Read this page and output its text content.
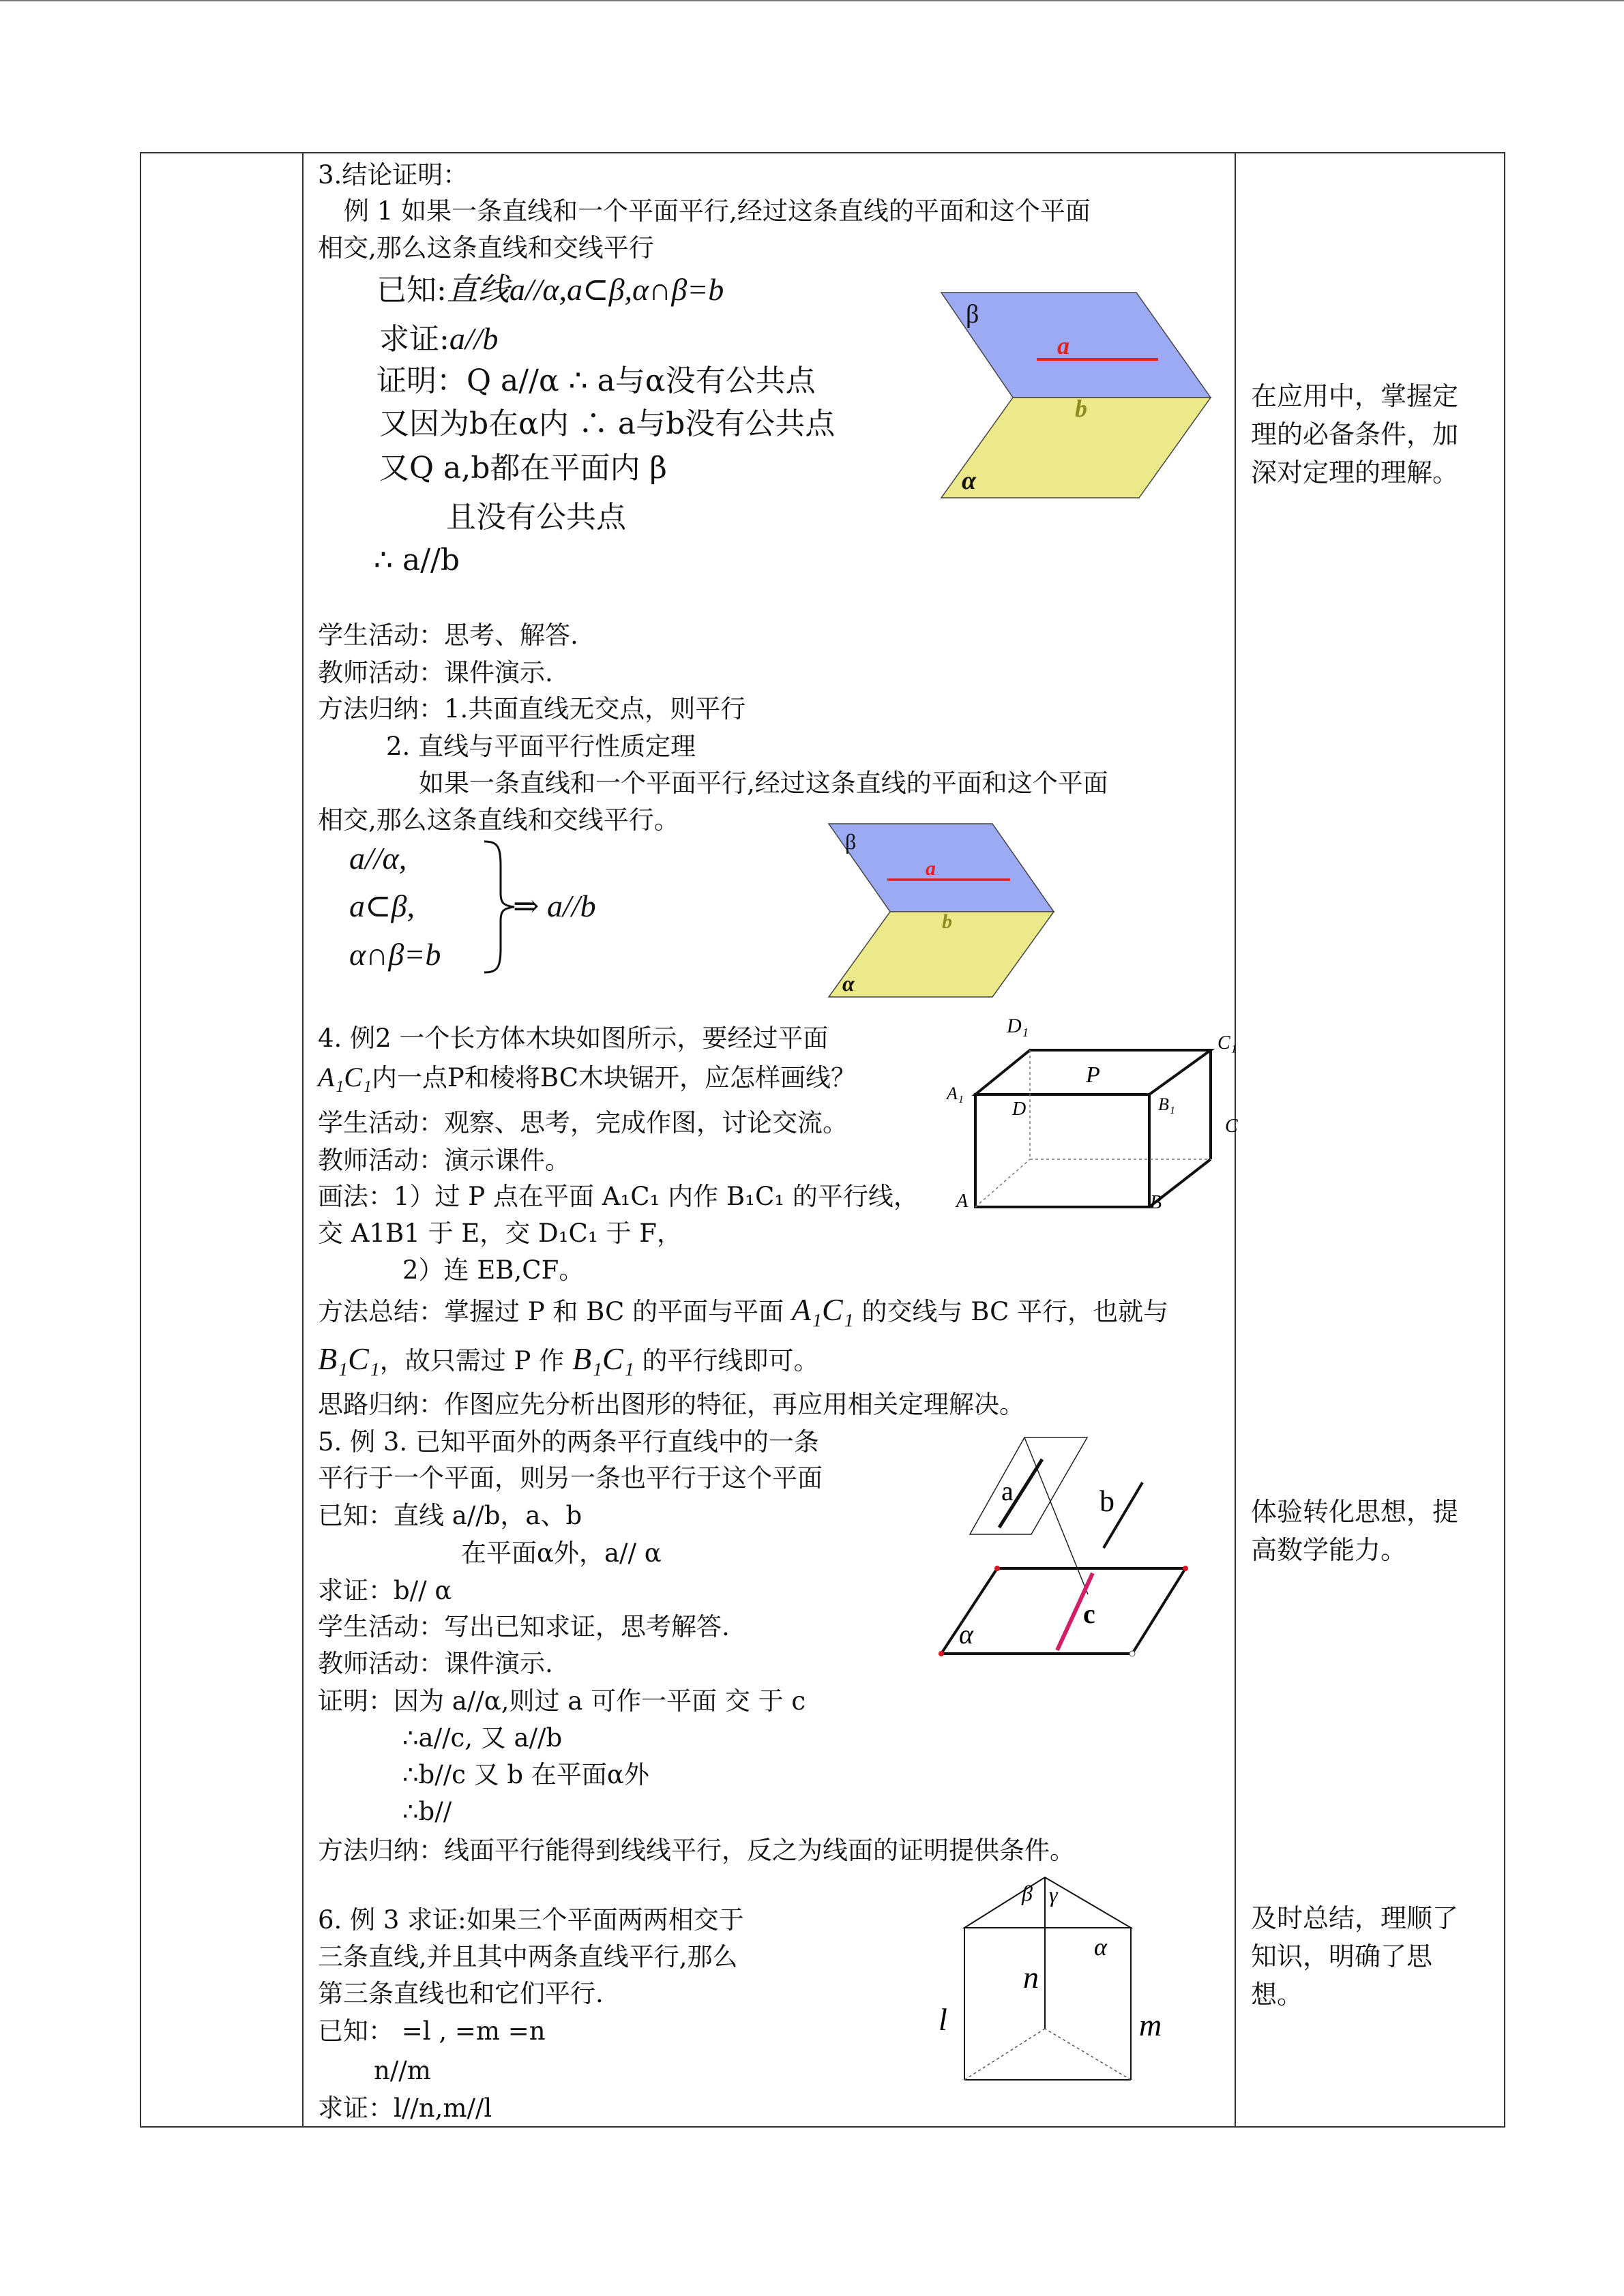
3.结论证明：
例 1 如果一条直线和一个平面平行,经过这条直线的平面和这个平面
相交,那么这条直线和交线平行
已知:直线a//α,a⊂β,α∩β=b
求证:a//b
证明：Q a//α ∴ a与α没有公共点
又因为b在α内 ∴ a与b没有公共点
又Q a,b都在平面内 β
且没有公共点
∴ a//b
β
a
b
α
学生活动：思考、解答.
教师活动：课件演示.
方法归纳：1.共面直线无交点，则平行
2. 直线与平面平行性质定理
如果一条直线和一个平面平行,经过这条直线的平面和这个平面
相交,那么这条直线和交线平行。
a//α,
a⊂β,
α∩β=b
⇒ a//b
β
a
b
α
4. 例2 一个长方体木块如图所示，要经过平面
A₁C₁内一点P和棱将BC木块锯开，应怎样画线？
学生活动：观察、思考，完成作图，讨论交流。
教师活动：演示课件。
画法：1）过 P 点在平面 A₁C₁ 内作 B₁C₁ 的平行线，
交 A1B1 于 E，交 D₁C₁ 于 F，
2）连 EB,CF。
方法总结：掌握过 P 和 BC 的平面与平面 A₁C₁ 的交线与 BC 平行，也就与
B₁C₁，故只需过 P 作 B₁C₁ 的平行线即可。
思路归纳：作图应先分析出图形的特征，再应用相关定理解决。
D₁
C₁
P
A₁
B₁
D
C
A	B
5. 例 3. 已知平面外的两条平行直线中的一条
平行于一个平面，则另一条也平行于这个平面
已知：直线 a//b，a、b
在平面α外，a// α
求证：b// α
学生活动：写出已知求证，思考解答.
教师活动：课件演示.
证明：因为 a//α,则过 a 可作一平面 交 于 c
∴a//c, 又 a//b
∴b//c 又 b 在平面α外
∴b//
方法归纳：线面平行能得到线线平行，反之为线面的证明提供条件。
a	b
c
α
6. 例 3 求证:如果三个平面两两相交于
三条直线,并且其中两条直线平行,那么
第三条直线也和它们平行.
已知： =l , =m =n
n//m
求证：l//n,m//l
β γ
α
n
l	m
在应用中，掌握定
理的必备条件，加
深对定理的理解。
体验转化思想，提
高数学能力。
及时总结，理顺了
知识，明确了思
想。
